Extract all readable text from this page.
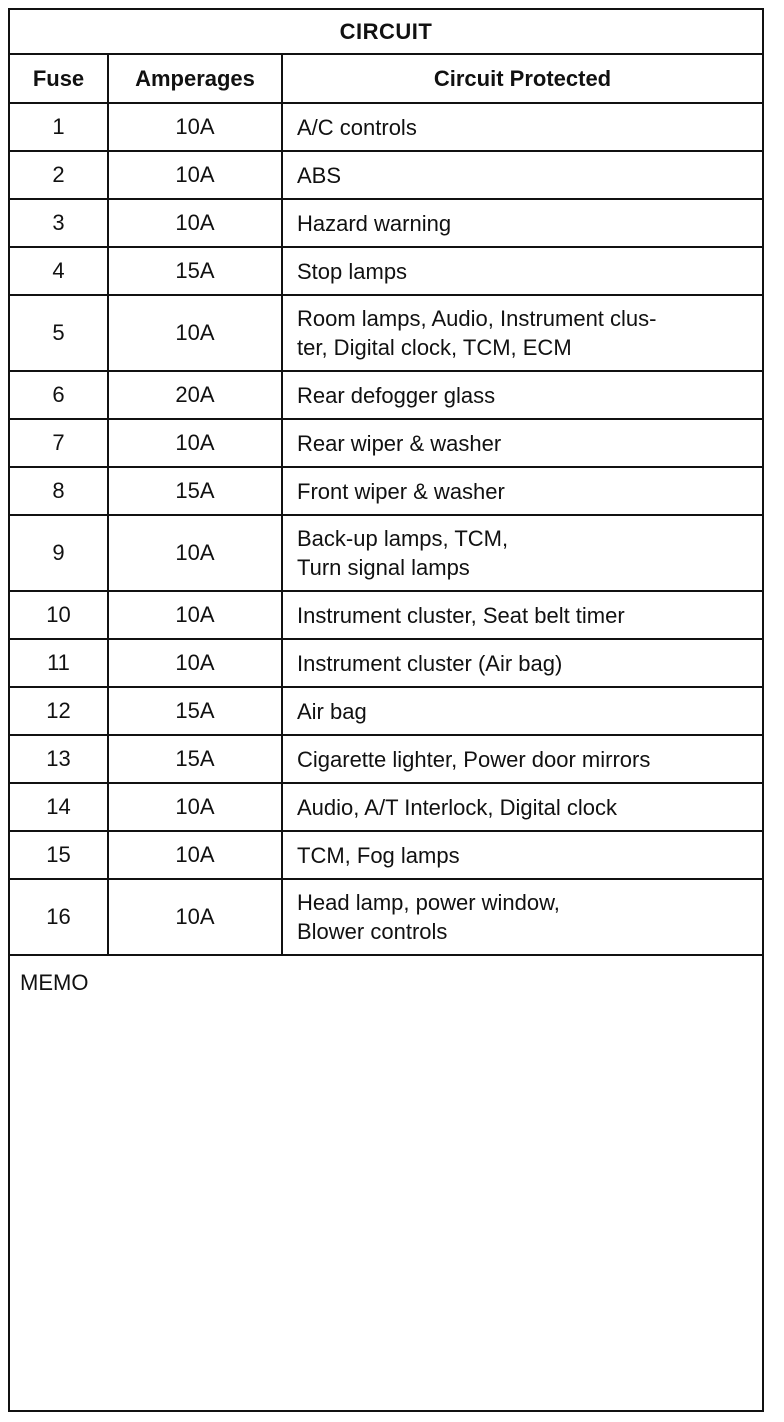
CIRCUIT
Fuse	Amperages	Circuit Protected
1	10A	A/C controls
2	10A	ABS
3	10A	Hazard warning
4	15A	Stop lamps
5	10A	Room lamps, Audio, Instrument clus-
ter, Digital clock, TCM, ECM
6	20A	Rear defogger glass
7	10A	Rear wiper & washer
8	15A	Front wiper & washer
9	10A	Back-up lamps, TCM,
Turn signal lamps
10	10A	Instrument cluster, Seat belt timer
11	10A	Instrument cluster (Air bag)
12	15A	Air bag
13	15A	Cigarette lighter, Power door mirrors
14	10A	Audio, A/T Interlock, Digital clock
15	10A	TCM, Fog lamps
16	10A	Head lamp, power window,
Blower controls
MEMO
